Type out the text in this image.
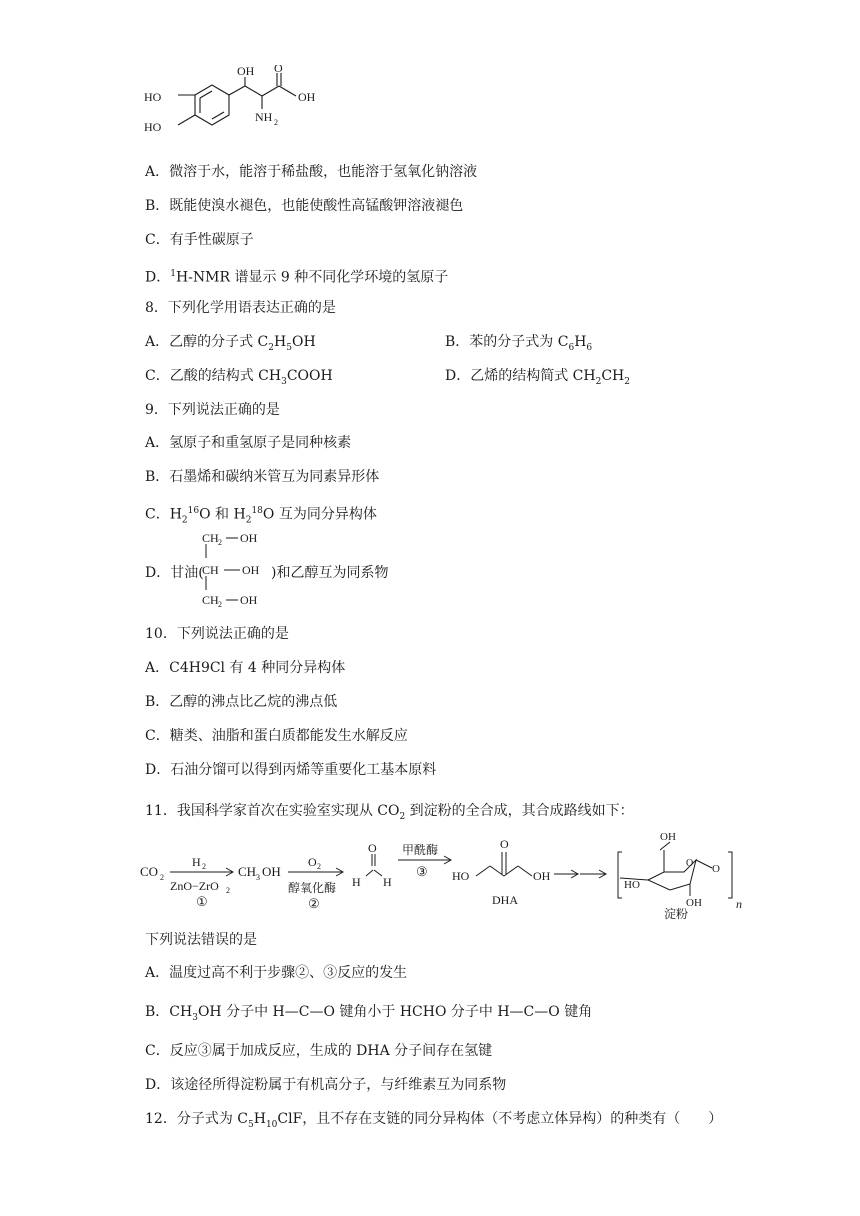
HO
HO
OH O
OH
NH 2
A．微溶于水，能溶于稀盐酸，也能溶于氢氧化钠溶液
B．既能使溴水褪色，也能使酸性高锰酸钾溶液褪色
C．有手性碳原子
D．$^1$H-NMR 谱显示 9 种不同化学环境的氢原子
8．下列化学用语表达正确的是
A．乙醇的分子式 $C_2H_5OH$	B．苯的分子式为 $C_6H_6$
C．乙酸的结构式 $CH_3COOH$	D．乙烯的结构简式 $CH_2CH_2$
9．下列说法正确的是
A．氢原子和重氢原子是同种核素
B．石墨烯和碳纳米管互为同素异形体
C．$H_2^{16}O$ 和 $H_2^{18}O$ 互为同分异构体
D．甘油(
CH 2 OH
CH OH
CH 2 OH
)和乙醇互为同系物
10．下列说法正确的是
A．C4H9Cl 有 4 种同分异构体
B．乙醇的沸点比乙烷的沸点低
C．糖类、油脂和蛋白质都能发生水解反应
D．石油分馏可以得到丙烯等重要化工基本原料
11．我国科学家首次在实验室实现从 $CO_2$ 到淀粉的全合成，其合成路线如下：
CO 2
H 2
ZnO−ZrO 2
①
CH 3 OH
O 2
醇氧化酶
②
O
H H
甲酰酶
③ HO
O
OH
DHA
OH
HO
OH
O
O
淀粉
n
下列说法错误的是
A．温度过高不利于步骤②、③反应的发生
B．$CH_3OH$ 分子中 H—C—O 键角小于 HCHO 分子中 H—C—O 键角
C．反应③属于加成反应，生成的 DHA 分子间存在氢键
D．该途径所得淀粉属于有机高分子，与纤维素互为同系物
12．分子式为 $C_5H_{10}ClF$，且不存在支链的同分异构体（不考虑立体异构）的种类有（　　）
